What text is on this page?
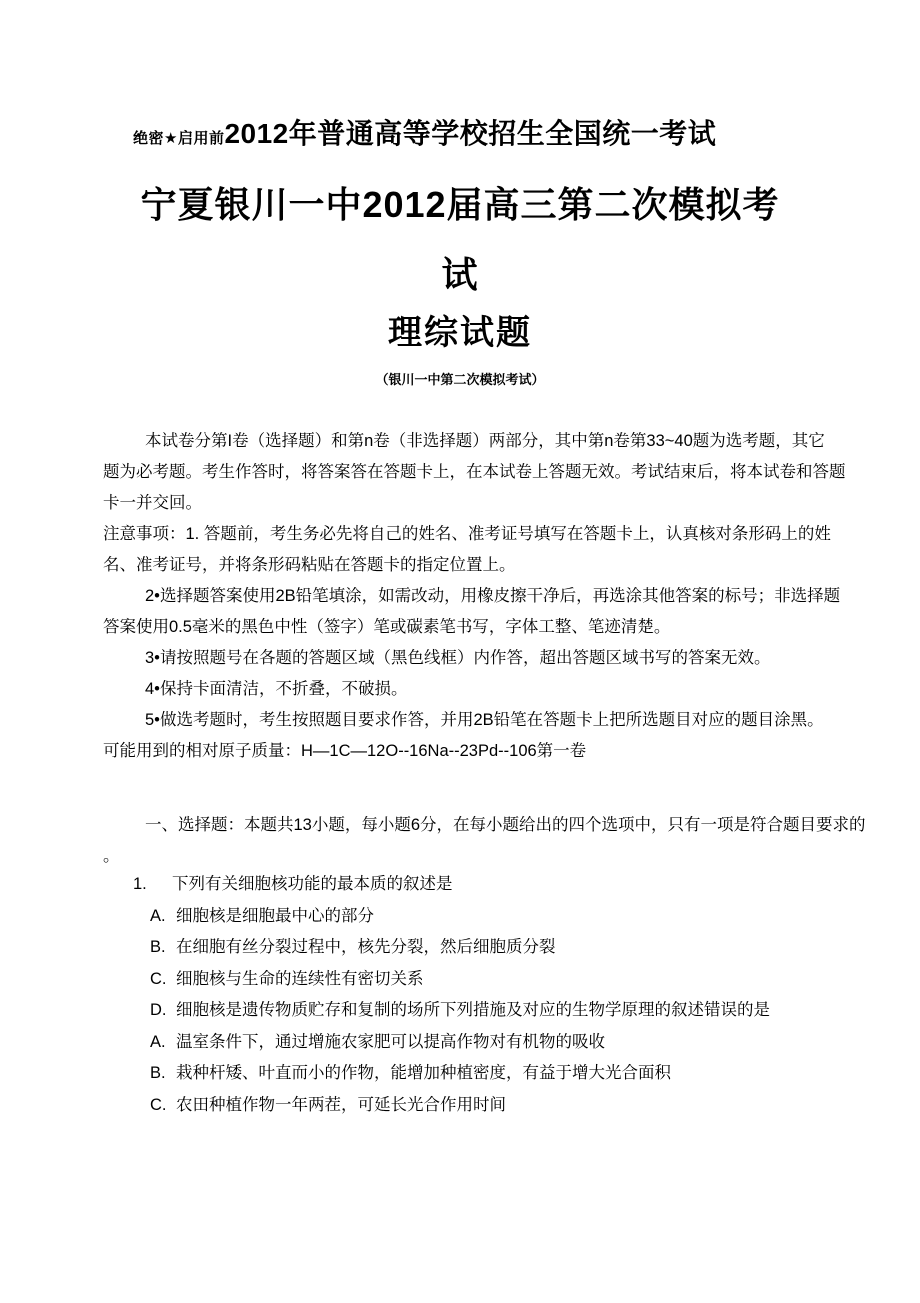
绝密★启用前 2012年普通高等学校招生全国统一考试
宁夏银川一中2012届高三第二次模拟考
试
理综试题
（银川一中第二次模拟考试）
本试卷分第I卷（选择题）和第n卷（非选择题）两部分，其中第n卷第33~40题为选考题，其它
题为必考题。考生作答时，将答案答在答题卡上，在本试卷上答题无效。考试结束后，将本试卷和答题
卡一并交回。
注意事项：1. 答题前，考生务必先将自己的姓名、准考证号填写在答题卡上，认真核对条形码上的姓
名、准考证号，并将条形码粘贴在答题卡的指定位置上。
2•选择题答案使用2B铅笔填涂，如需改动，用橡皮擦干净后，再选涂其他答案的标号；非选择题
答案使用0.5毫米的黑色中性（签字）笔或碳素笔书写，字体工整、笔迹清楚。
3•请按照题号在各题的答题区域（黑色线框）内作答，超出答题区域书写的答案无效。
4•保持卡面清洁，不折叠，不破损。
5•做选考题时，考生按照题目要求作答，并用2B铅笔在答题卡上把所选题目对应的题目涂黑。
可能用到的相对原子质量：H—1C—12O--16Na--23Pd--106第一卷
一、选择题：本题共13小题，每小题6分，在每小题给出的四个选项中，只有一项是符合题目要求的
。
1.	下列有关细胞核功能的最本质的叙述是
A. 细胞核是细胞最中心的部分
B. 在细胞有丝分裂过程中，核先分裂，然后细胞质分裂
C. 细胞核与生命的连续性有密切关系
D. 细胞核是遗传物质贮存和复制的场所下列措施及对应的生物学原理的叙述错误的是
A. 温室条件下，通过增施农家肥可以提高作物对有机物的吸收
B. 栽种杆矮、叶直而小的作物，能增加种植密度，有益于增大光合面积
C. 农田种植作物一年两茬，可延长光合作用时间
